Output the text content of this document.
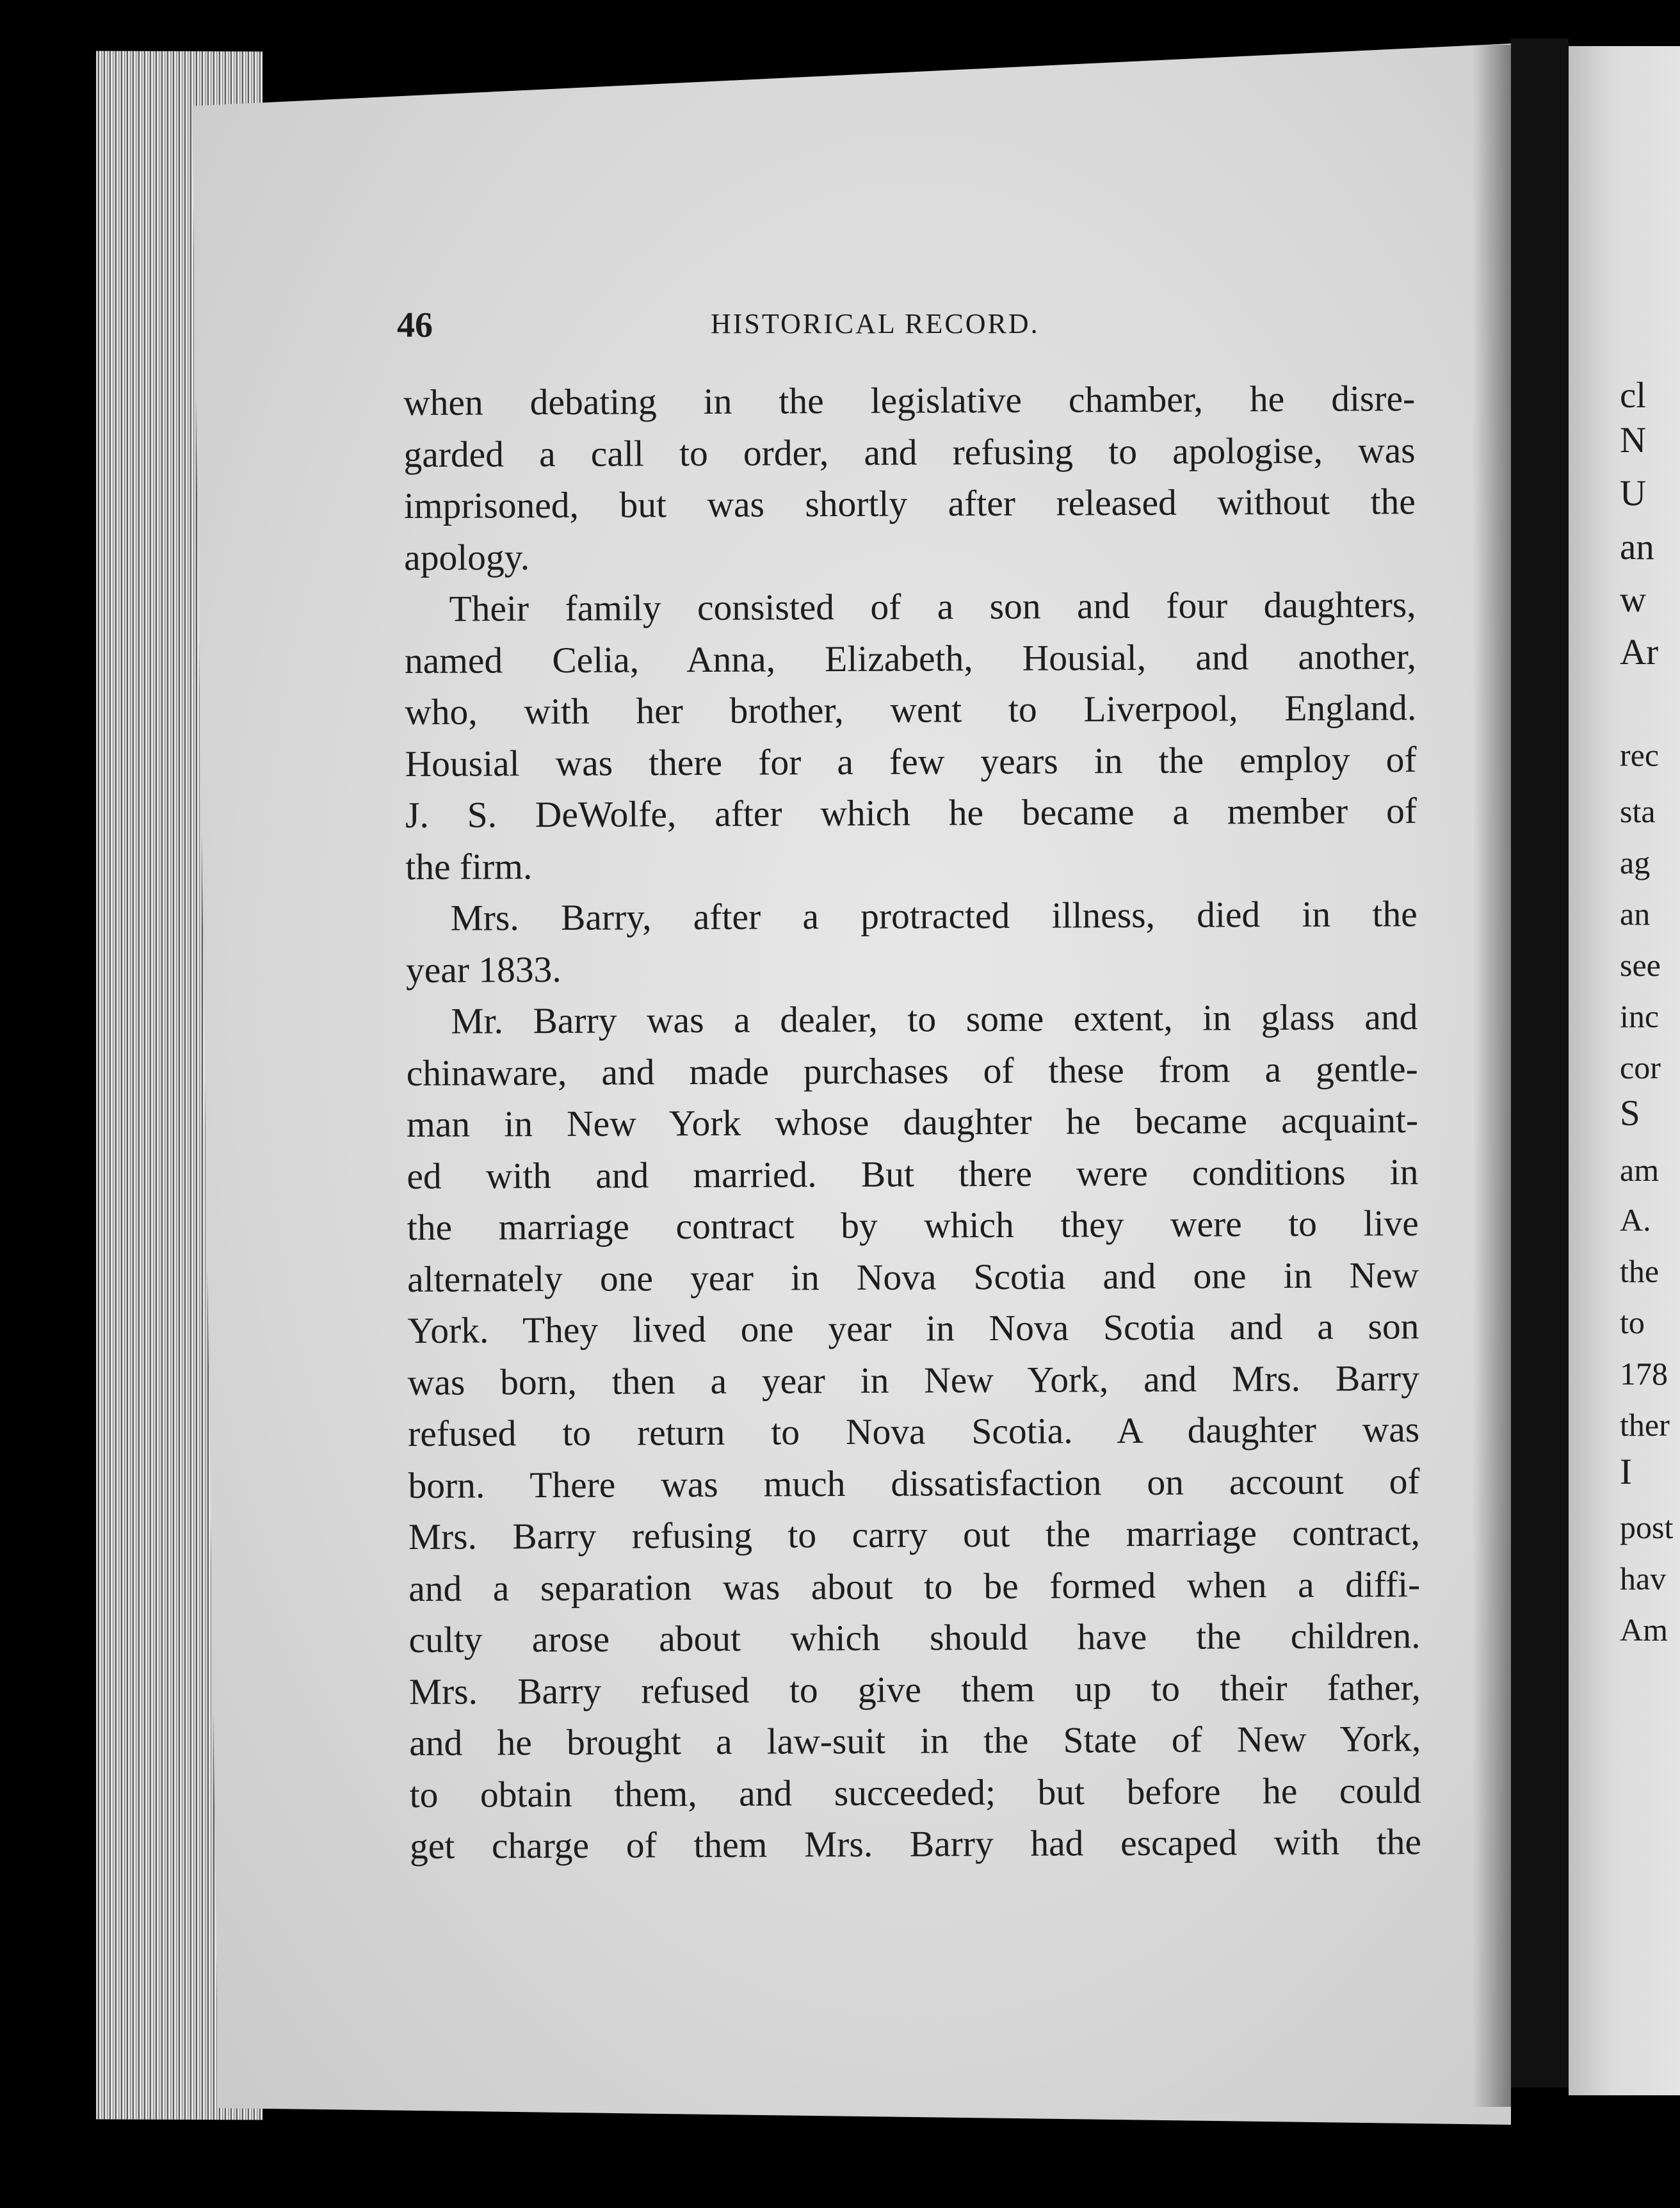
46	HISTORICAL RECORD.
when debating in the legislative chamber, he disre-
garded a call to order, and refusing to apologise, was
imprisoned, but was shortly after released without the
apology.
Their family consisted of a son and four daughters,
named Celia, Anna, Elizabeth, Housial, and another,
who, with her brother, went to Liverpool, England.
Housial was there for a few years in the employ of
J. S. DeWolfe, after which he became a member of
the firm.
Mrs. Barry, after a protracted illness, died in the
year 1833.
Mr. Barry was a dealer, to some extent, in glass and
chinaware, and made purchases of these from a gentle-
man in New York whose daughter he became acquaint-
ed with and married. But there were conditions in
the marriage contract by which they were to live
alternately one year in Nova Scotia and one in New
York. They lived one year in Nova Scotia and a son
was born, then a year in New York, and Mrs. Barry
refused to return to Nova Scotia. A daughter was
born. There was much dissatisfaction on account of
Mrs. Barry refusing to carry out the marriage contract,
and a separation was about to be formed when a diffi-
culty arose about which should have the children.
Mrs. Barry refused to give them up to their father,
and he brought a law-suit in the State of New York,
to obtain them, and succeeded; but before he could
get charge of them Mrs. Barry had escaped with the
cl
N
U
an
w
Ar
rec
sta
ag
an
see
inc
cor
S
am
A.
the
to
178
ther
I
post
hav
Am
